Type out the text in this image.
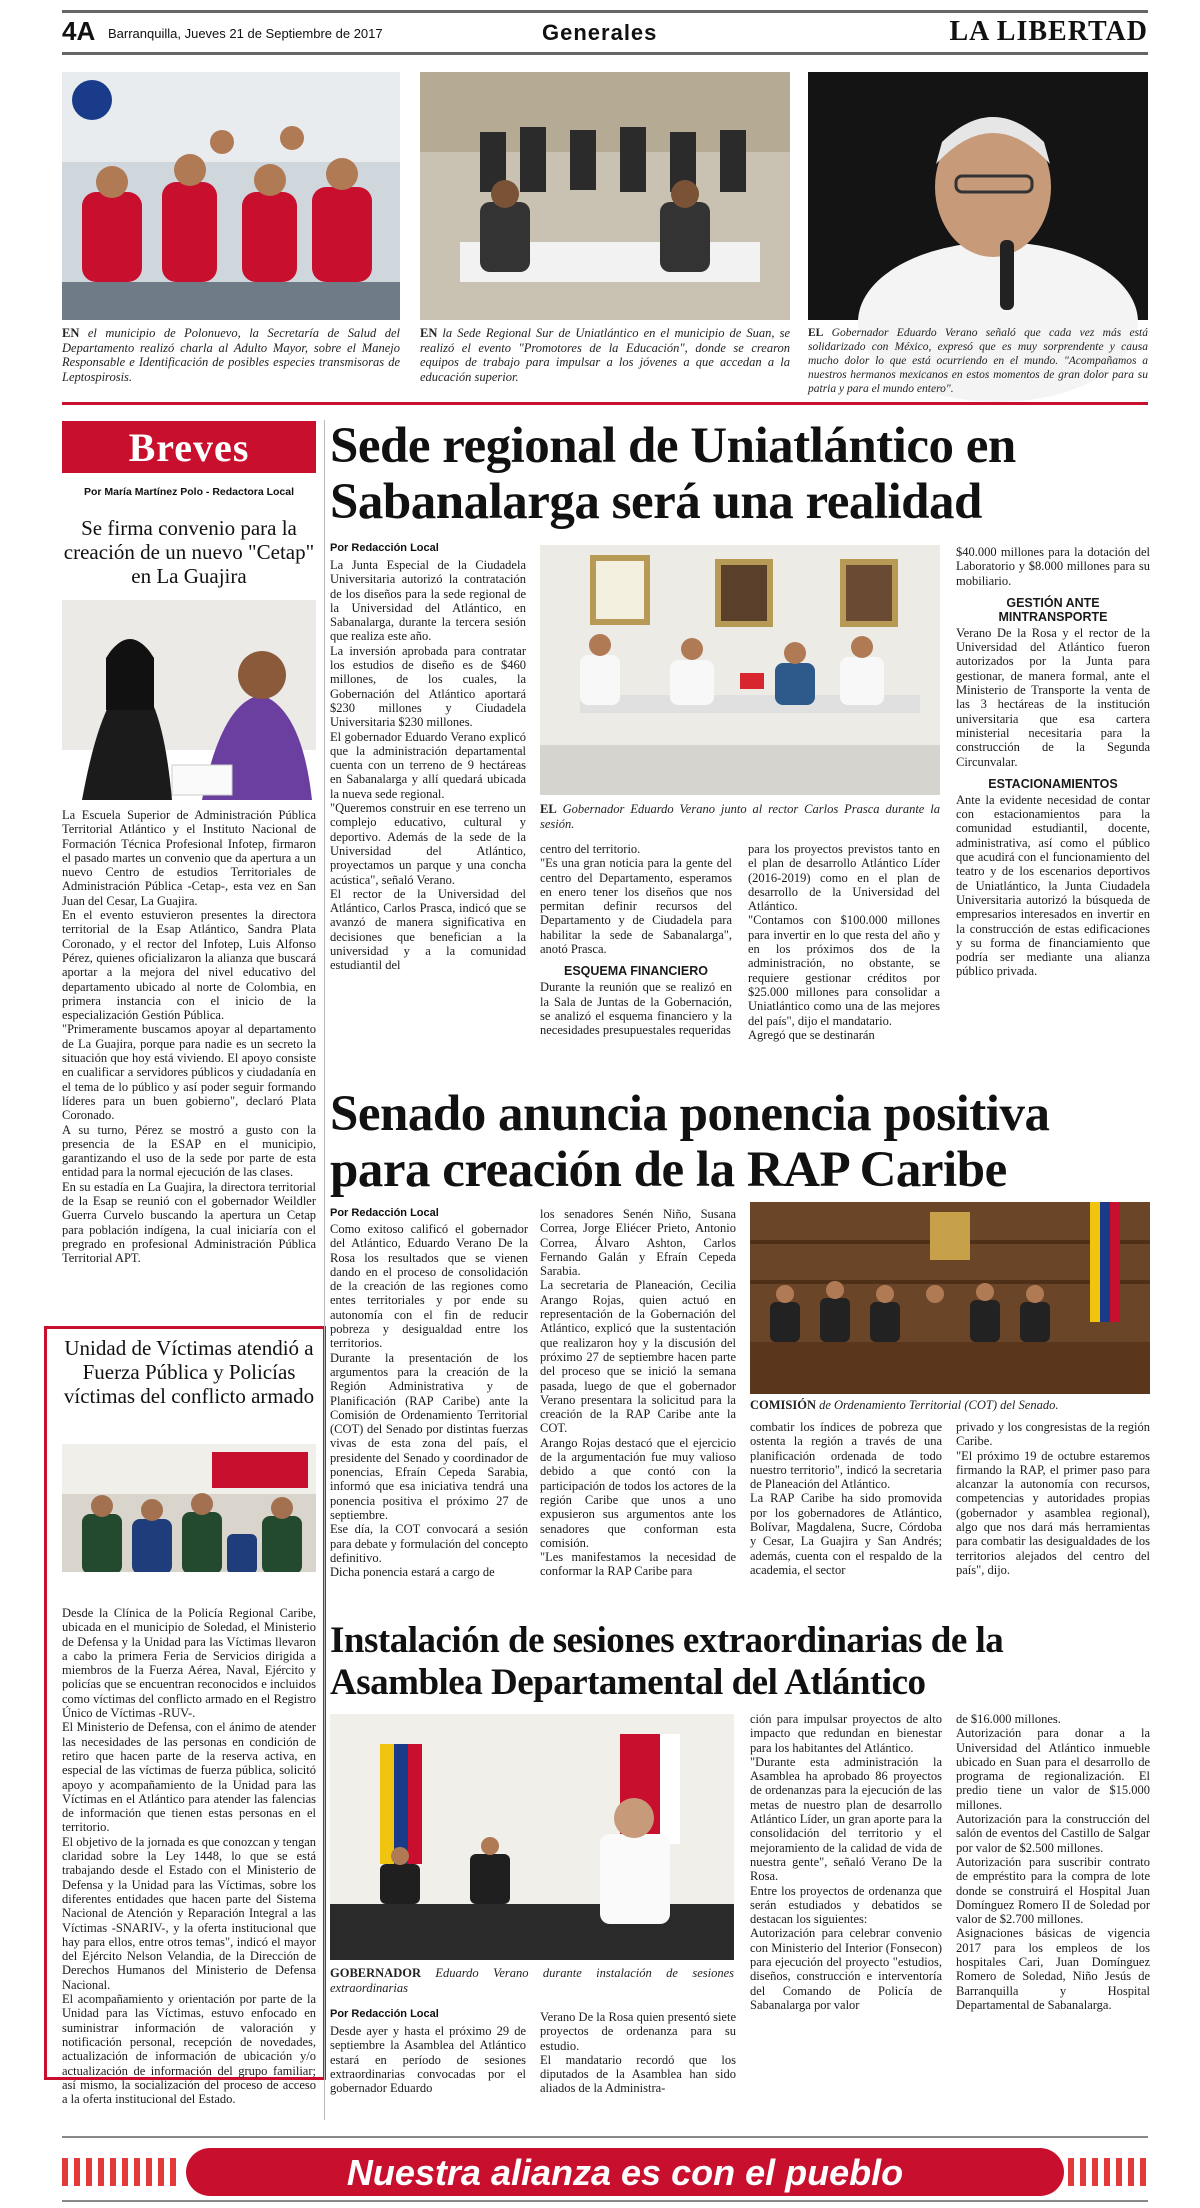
4A Barranquilla, Jueves 21 de Septiembre de 2017	Generales	LA LIBERTAD
EN el municipio de Polonuevo, la Secretaría de Salud del Departamento realizó charla al Adulto Mayor, sobre el Manejo Responsable e Identificación de posibles especies transmisoras de Leptospirosis.
EN la Sede Regional Sur de Uniatlántico en el municipio de Suan, se realizó el evento "Promotores de la Educación", donde se crearon equipos de trabajo para impulsar a los jóvenes a que accedan a la educación superior.
EL Gobernador Eduardo Verano señaló que cada vez más está solidarizado con México, expresó que es muy sorprendente y causa mucho dolor lo que está ocurriendo en el mundo. "Acompañamos a nuestros hermanos mexicanos en estos momentos de gran dolor para su patria y para el mundo entero".
Breves
Por María Martínez Polo - Redactora Local
Se firma convenio para la creación de un nuevo "Cetap" en La Guajira

La Escuela Superior de Administración Pública Territorial Atlántico y el Instituto Nacional de Formación Técnica Profesional Infotep, firmaron el pasado martes un convenio que da apertura a un nuevo Centro de estudios Territoriales de Administración Pública -Cetap-, esta vez en San Juan del Cesar, La Guajira.

En el evento estuvieron presentes la directora territorial de la Esap Atlántico, Sandra Plata Coronado, y el rector del Infotep, Luis Alfonso Pérez, quienes oficializaron la alianza que buscará aportar a la mejora del nivel educativo del departamento ubicado al norte de Colombia, en primera instancia con el inicio de la especialización Gestión Pública.

"Primeramente buscamos apoyar al departamento de La Guajira, porque para nadie es un secreto la situación que hoy está viviendo. El apoyo consiste en cualificar a servidores públicos y ciudadanía en el tema de lo público y así poder seguir formando líderes para un buen gobierno", declaró Plata Coronado.

A su turno, Pérez se mostró a gusto con la presencia de la ESAP en el municipio, garantizando el uso de la sede por parte de esta entidad para la normal ejecución de las clases.

En su estadía en La Guajira, la directora territorial de la Esap se reunió con el gobernador Weildler Guerra Curvelo buscando la apertura un Cetap para población indígena, la cual iniciaría con el pregrado en profesional Administración Pública Territorial APT.

Unidad de Víctimas atendió a Fuerza Pública y Policías víctimas del conflicto armado

Desde la Clínica de la Policía Regional Caribe, ubicada en el municipio de Soledad, el Ministerio de Defensa y la Unidad para las Víctimas llevaron a cabo la primera Feria de Servicios dirigida a miembros de la Fuerza Aérea, Naval, Ejército y policías que se encuentran reconocidos e incluidos como víctimas del conflicto armado en el Registro Único de Víctimas -RUV-.

El Ministerio de Defensa, con el ánimo de atender las necesidades de las personas en condición de retiro que hacen parte de la reserva activa, en especial de las víctimas de fuerza pública, solicitó apoyo y acompañamiento de la Unidad para las Víctimas en el Atlántico para atender las falencias de información que tienen estas personas en el territorio.

El objetivo de la jornada es que conozcan y tengan claridad sobre la Ley 1448, lo que se está trabajando desde el Estado con el Ministerio de Defensa y la Unidad para las Víctimas, sobre los diferentes entidades que hacen parte del Sistema Nacional de Atención y Reparación Integral a las Víctimas -SNARIV-, y la oferta institucional que hay para ellos, entre otros temas", indicó el mayor del Ejército Nelson Velandia, de la Dirección de Derechos Humanos del Ministerio de Defensa Nacional.

El acompañamiento y orientación por parte de la Unidad para las Víctimas, estuvo enfocado en suministrar información de valoración y notificación personal, recepción de novedades, actualización de información de ubicación y/o actualización de información del grupo familiar; así mismo, la socialización del proceso de acceso a la oferta institucional del Estado.

Sede regional de Uniatlántico en Sabanalarga será una realidad
Por Redacción Local

La Junta Especial de la Ciudadela Universitaria autorizó la contratación de los diseños para la sede regional de la Universidad del Atlántico, en Sabanalarga, durante la tercera sesión que realiza este año.

La inversión aprobada para contratar los estudios de diseño es de $460 millones, de los cuales, la Gobernación del Atlántico aportará $230 millones y Ciudadela Universitaria $230 millones.

El gobernador Eduardo Verano explicó que la administración departamental cuenta con un terreno de 9 hectáreas en Sabanalarga y allí quedará ubicada la nueva sede regional.

"Queremos construir en ese terreno un complejo educativo, cultural y deportivo. Además de la sede de la Universidad del Atlántico, proyectamos un parque y una concha acústica", señaló Verano.

El rector de la Universidad del Atlántico, Carlos Prasca, indicó que se avanzó de manera significativa en decisiones que benefician a la universidad y a la comunidad estudiantil del

EL Gobernador Eduardo Verano junto al rector Carlos Prasca durante la sesión.

centro del territorio.

"Es una gran noticia para la gente del centro del Departamento, esperamos en enero tener los diseños que nos permitan definir recursos del Departamento y de Ciudadela para habilitar la sede de Sabanalarga", anotó Prasca.

ESQUEMA FINANCIERO

Durante la reunión que se realizó en la Sala de Juntas de la Gobernación, se analizó el esquema financiero y la necesidades presupuestales requeridas

para los proyectos previstos tanto en el plan de desarrollo Atlántico Líder (2016-2019) como en el plan de desarrollo de la Universidad del Atlántico.

"Contamos con $100.000 millones para invertir en lo que resta del año y en los próximos dos de la administración, no obstante, se requiere gestionar créditos por $25.000 millones para consolidar a Uniatlántico como una de las mejores del país", dijo el mandatario.

Agregó que se destinarán

$40.000 millones para la dotación del Laboratorio y $8.000 millones para su mobiliario.

GESTIÓN ANTE MINTRANSPORTE

Verano De la Rosa y el rector de la Universidad del Atlántico fueron autorizados por la Junta para gestionar, de manera formal, ante el Ministerio de Transporte la venta de las 3 hectáreas de la institución universitaria que esa cartera ministerial necesitaria para la construcción de la Segunda Circunvalar.

ESTACIONAMIENTOS

Ante la evidente necesidad de contar con estacionamientos para la comunidad estudiantil, docente, administrativa, así como el público que acudirá con el funcionamiento del teatro y de los escenarios deportivos de Uniatlántico, la Junta Ciudadela Universitaria autorizó la búsqueda de empresarios interesados en invertir en la construcción de estas edificaciones y su forma de financiamiento que podría ser mediante una alianza público privada.

Senado anuncia ponencia positiva para creación de la RAP Caribe
Por Redacción Local

Como exitoso calificó el gobernador del Atlántico, Eduardo Verano De la Rosa los resultados que se vienen dando en el proceso de consolidación de la creación de las regiones como entes territoriales y por ende su autonomía con el fin de reducir pobreza y desigualdad entre los territorios.

Durante la presentación de los argumentos para la creación de la Región Administrativa y de Planificación (RAP Caribe) ante la Comisión de Ordenamiento Territorial (COT) del Senado por distintas fuerzas vivas de esta zona del país, el presidente del Senado y coordinador de ponencias, Efraín Cepeda Sarabia, informó que esa iniciativa tendrá una ponencia positiva el próximo 27 de septiembre.

Ese día, la COT convocará a sesión para debate y formulación del concepto definitivo.

Dicha ponencia estará a cargo de

los senadores Senén Niño, Susana Correa, Jorge Eliécer Prieto, Antonio Correa, Álvaro Ashton, Carlos Fernando Galán y Efraín Cepeda Sarabia.

La secretaria de Planeación, Cecilia Arango Rojas, quien actuó en representación de la Gobernación del Atlántico, explicó que la sustentación que realizaron hoy y la discusión del próximo 27 de septiembre hacen parte del proceso que se inició la semana pasada, luego de que el gobernador Verano presentara la solicitud para la creación de la RAP Caribe ante la COT.

Arango Rojas destacó que el ejercicio de la argumentación fue muy valioso debido a que contó con la participación de todos los actores de la región Caribe que unos a uno expusieron sus argumentos ante los senadores que conforman esta comisión.

"Les manifestamos la necesidad de conformar la RAP Caribe para

COMISIÓN de Ordenamiento Territorial (COT) del Senado.

combatir los índices de pobreza que ostenta la región a través de una planificación ordenada de todo nuestro territorio", indicó la secretaria de Planeación del Atlántico.

La RAP Caribe ha sido promovida por los gobernadores de Atlántico, Bolívar, Magdalena, Sucre, Córdoba y Cesar, La Guajira y San Andrés; además, cuenta con el respaldo de la academia, el sector

privado y los congresistas de la región Caribe.

"El próximo 19 de octubre estaremos firmando la RAP, el primer paso para alcanzar la autonomía con recursos, competencias y autoridades propias (gobernador y asamblea regional), algo que nos dará más herramientas para combatir las desigualdades de los territorios alejados del centro del país", dijo.

Instalación de sesiones extraordinarias de la Asamblea Departamental del Atlántico
GOBERNADOR Eduardo Verano durante instalación de sesiones extraordinarias
Por Redacción Local

Desde ayer y hasta el próximo 29 de septiembre la Asamblea del Atlántico estará en período de sesiones extraordinarias convocadas por el gobernador Eduardo

Verano De la Rosa quien presentó siete proyectos de ordenanza para su estudio.

El mandatario recordó que los diputados de la Asamblea han sido aliados de la Administra-

ción para impulsar proyectos de alto impacto que redundan en bienestar para los habitantes del Atlántico.

"Durante esta administración la Asamblea ha aprobado 86 proyectos de ordenanzas para la ejecución de las metas de nuestro plan de desarrollo Atlántico Líder, un gran aporte para la consolidación del territorio y el mejoramiento de la calidad de vida de nuestra gente", señaló Verano De la Rosa.

Entre los proyectos de ordenanza que serán estudiados y debatidos se destacan los siguientes:

Autorización para celebrar convenio con Ministerio del Interior (Fonsecon) para ejecución del proyecto "estudios, diseños, construcción e interventoría del Comando de Policía de Sabanalarga por valor

de $16.000 millones.

Autorización para donar a la Universidad del Atlántico inmueble ubicado en Suan para el desarrollo de programa de regionalización. El predio tiene un valor de $15.000 millones.

Autorización para la construcción del salón de eventos del Castillo de Salgar por valor de $2.500 millones.

Autorización para suscribir contrato de empréstito para la compra de lote donde se construirá el Hospital Juan Domínguez Romero II de Soledad por valor de $2.700 millones.

Asignaciones básicas de vigencia 2017 para los empleos de los hospitales Cari, Juan Domínguez Romero de Soledad, Niño Jesús de Barranquilla y Hospital Departamental de Sabanalarga.

Nuestra alianza es con el pueblo
